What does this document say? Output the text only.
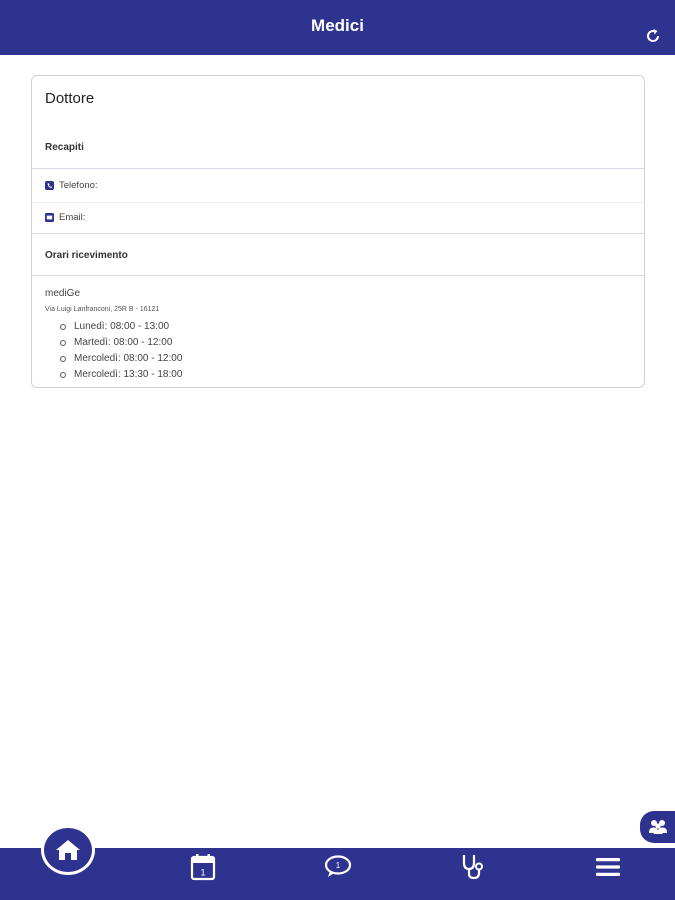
Medici
Dottore
Recapiti
Telefono:
Email:
Orari ricevimento
mediGe
Via Luigi Lanfranconi, 25R B - 16121
Lunedì: 08:00 - 13:00
Martedì: 08:00 - 12:00
Mercoledì: 08:00 - 12:00
Mercoledì: 13:30 - 18:00
1
1
